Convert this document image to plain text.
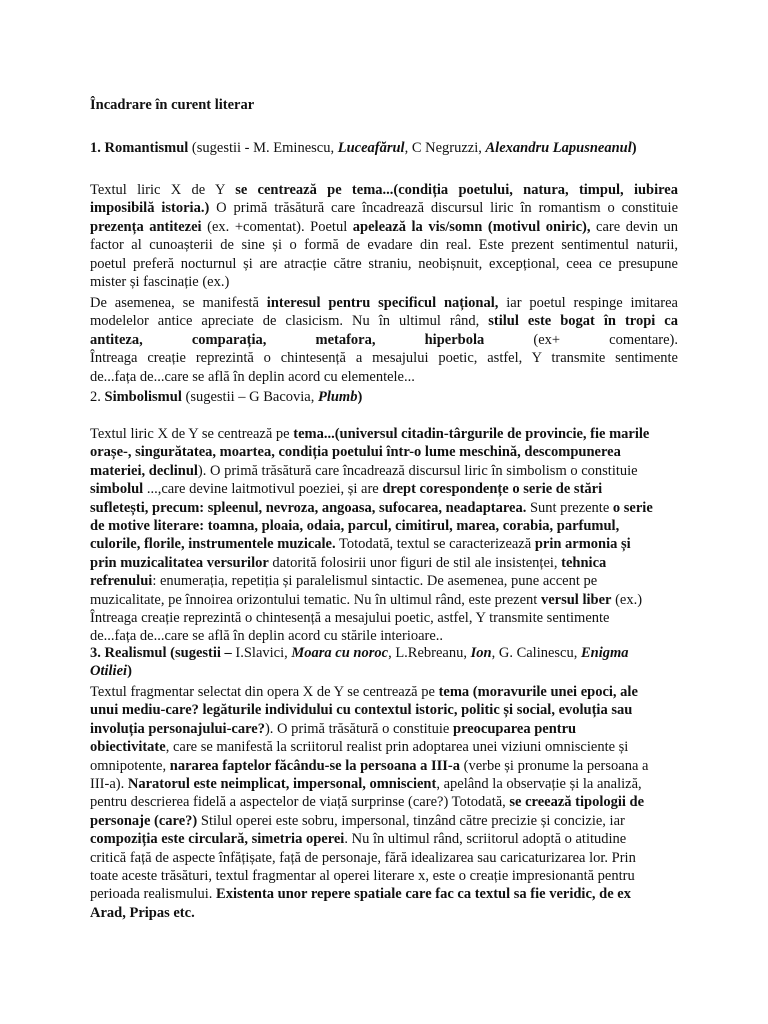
Încadrare în curent literar
1. Romantismul (sugestii - M. Eminescu, Luceafărul, C Negruzzi, Alexandru Lapusneanul)
Textul liric X de Y se centrează pe tema...(condiția poetului, natura, timpul, iubirea
imposibilă istoria.) O primă trăsătură care încadrează discursul liric în romantism o constituie
prezența antitezei (ex. +comentat). Poetul apelează la vis/somn (motivul oniric), care devin un
factor al cunoașterii de sine și o formă de evadare din real. Este prezent sentimentul naturii,
poetul preferă nocturnul și are atracție către straniu, neobișnuit, excepțional, ceea ce presupune
mister și fascinație (ex.)
De asemenea, se manifestă interesul pentru specificul național, iar poetul respinge imitarea
modelelor antice apreciate de clasicism. Nu în ultimul rând, stilul este bogat în tropi ca
antiteza, comparația, metafora, hiperbola (ex+ comentare).
Întreaga creație reprezintă o chintesență a mesajului poetic, astfel, Y transmite sentimente
de...fața de...care se află în deplin acord cu elementele...
2. Simbolismul (sugestii – G Bacovia, Plumb)
Textul liric X de Y se centrează pe tema...(universul citadin-târgurile de provincie, fie marile
orașe-, singurătatea, moartea, condiția poetului într-o lume meschină, descompunerea
materiei, declinul). O primă trăsătură care încadrează discursul liric în simbolism o constituie
simbolul ...,care devine laitmotivul poeziei, și are drept corespondențe o serie de stări
sufletești, precum: spleenul, nevroza, angoasa, sufocarea, neadaptarea. Sunt prezente o serie
de motive literare: toamna, ploaia, odaia, parcul, cimitirul, marea, corabia, parfumul,
culorile, florile, instrumentele muzicale. Totodată, textul se caracterizează prin armonia și
prin muzicalitatea versurilor datorită folosirii unor figuri de stil ale insistenței, tehnica
refrenului: enumerația, repetiția și paralelismul sintactic. De asemenea, pune accent pe
muzicalitate, pe înnoirea orizontului tematic. Nu în ultimul rând, este prezent versul liber (ex.)
Întreaga creație reprezintă o chintesență a mesajului poetic, astfel, Y transmite sentimente
de...fața de...care se află în deplin acord cu stările interioare..
3. Realismul (sugestii – I.Slavici, Moara cu noroc, L.Rebreanu, Ion, G. Calinescu, Enigma
Otiliei)
Textul fragmentar selectat din opera X de Y se centrează pe tema (moravurile unei epoci, ale
unui mediu-care? legăturile individului cu contextul istoric, politic și social, evoluția sau
involuția personajului-care?). O primă trăsătură o constituie preocuparea pentru
obiectivitate, care se manifestă la scriitorul realist prin adoptarea unei viziuni omnisciente și
omnipotente, nararea faptelor făcându-se la persoana a III-a (verbe și pronume la persoana a
III-a). Naratorul este neimplicat, impersonal, omniscient, apelând la observație și la analiză,
pentru descrierea fidelă a aspectelor de viață surprinse (care?) Totodată, se creează tipologii de
personaje (care?) Stilul operei este sobru, impersonal, tinzând către precizie și concizie, iar
compoziția este circulară, simetria operei. Nu în ultimul rând, scriitorul adoptă o atitudine
critică față de aspecte înfățișate, față de personaje, fără idealizarea sau caricaturizarea lor. Prin
toate aceste trăsături, textul fragmentar al operei literare x, este o creație impresionantă pentru
perioada realismului. Existenta unor repere spatiale care fac ca textul sa fie veridic, de ex
Arad, Pripas etc.
